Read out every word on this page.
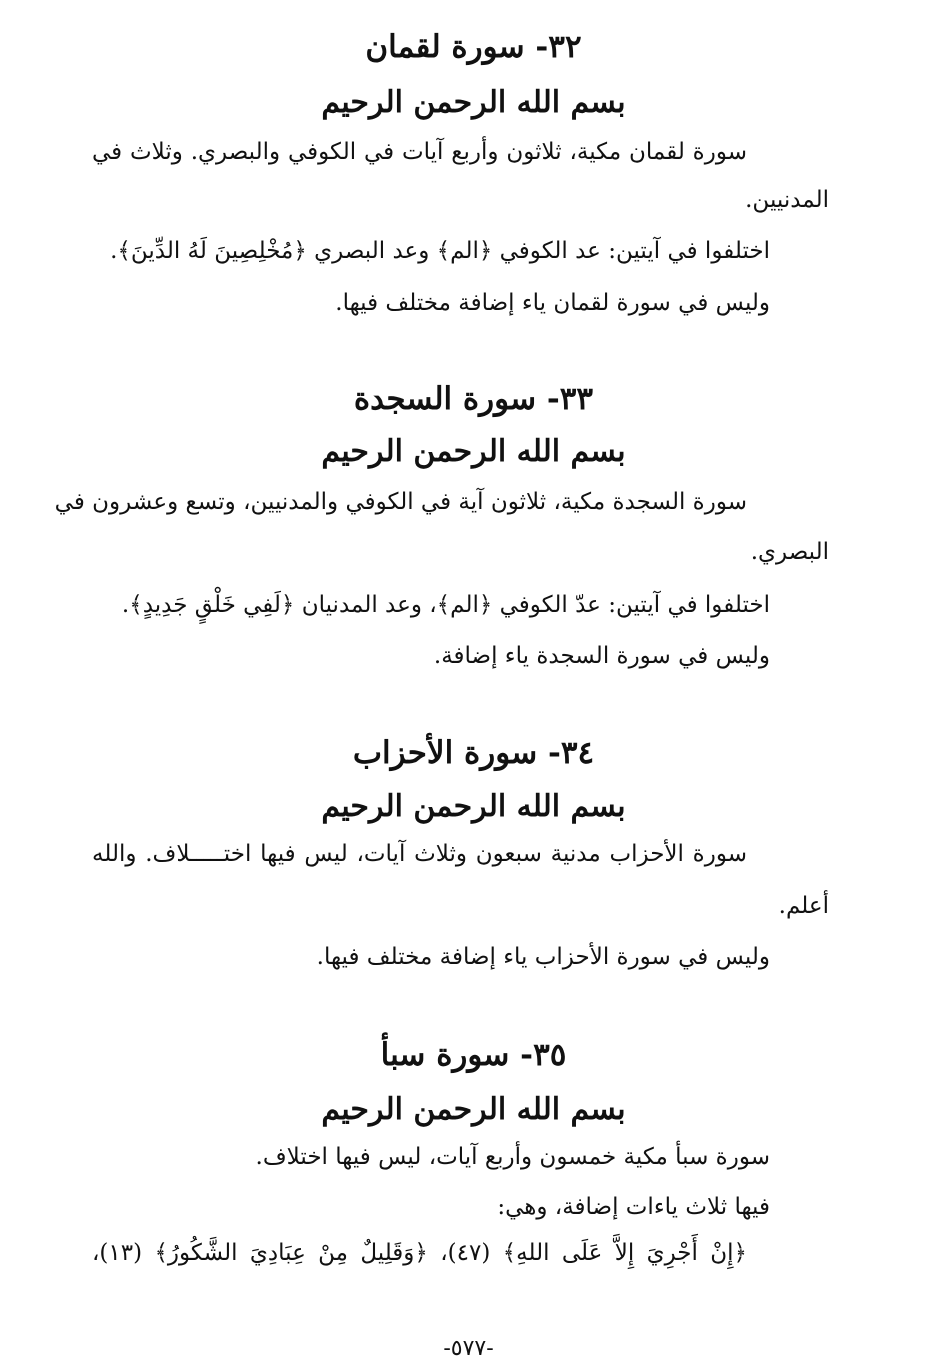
٣٢- سورة لقمان
بسم الله الرحمن الرحيم
سورة لقمان مكية، ثلاثون وأربع آيات في الكوفي والبصري. وثلاث في
المدنيين.
اختلفوا في آيتين: عد الكوفي ﴿الم﴾ وعد البصري ﴿مُخْلِصِينَ لَهُ الدِّينَ﴾.
وليس في سورة لقمان ياء إضافة مختلف فيها.
٣٣- سورة السجدة
بسم الله الرحمن الرحيم
سورة السجدة مكية، ثلاثون آية في الكوفي والمدنيين، وتسع وعشرون في
البصري.
اختلفوا في آيتين: عدّ الكوفي ﴿الم﴾، وعد المدنيان ﴿لَفِي خَلْقٍ جَدِيدٍ﴾.
وليس في سورة السجدة ياء إضافة.
٣٤- سورة الأحزاب
بسم الله الرحمن الرحيم
سورة الأحزاب مدنية سبعون وثلاث آيات، ليس فيها اختـــــلاف. والله
أعلم.
وليس في سورة الأحزاب ياء إضافة مختلف فيها.
٣٥- سورة سبأ
بسم الله الرحمن الرحيم
سورة سبأ مكية خمسون وأربع آيات، ليس فيها اختلاف.
فيها ثلاث ياءات إضافة، وهي:
﴿إِنْ أَجْرِيَ إِلاَّ عَلَى اللهِ﴾ (٤٧)، ﴿وَقَلِيلٌ مِنْ عِبَادِيَ الشَّكُورُ﴾ (١٣)،
-٥٧٧-
